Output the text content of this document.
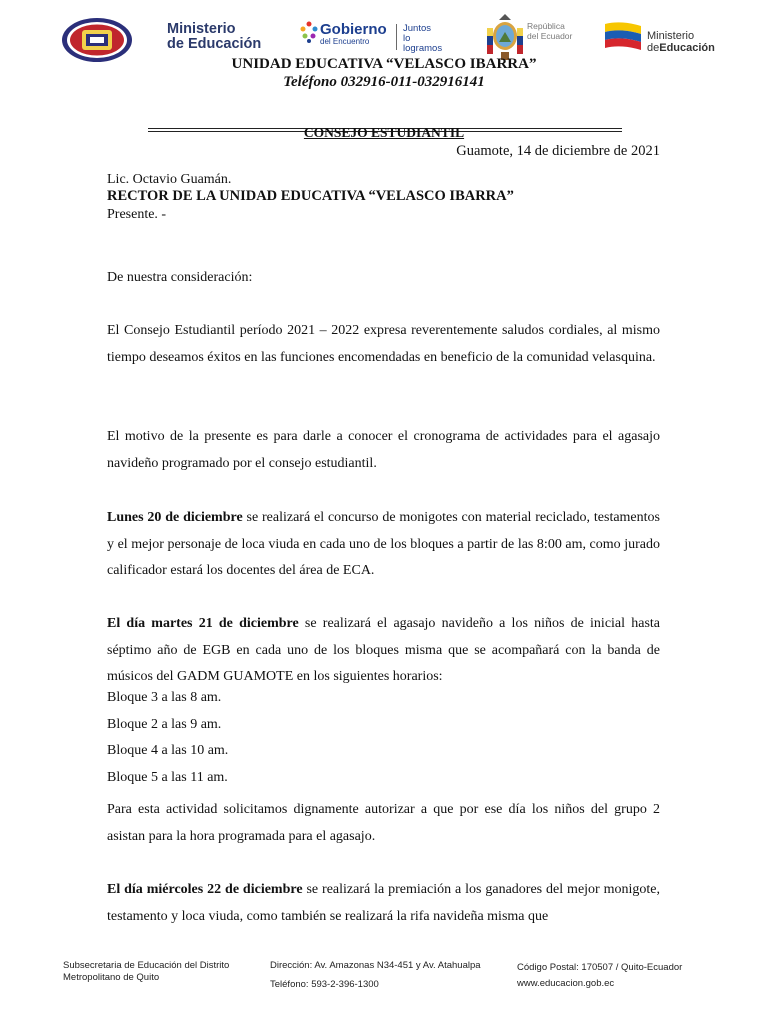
Ministerio
de Educación
Gobierno
del Encuentro
Juntos
lo logramos
República
del Ecuador	Ministerio
deEducación
UNIDAD EDUCATIVA “VELASCO IBARRA”
Teléfono 032916-011-032916141
CONSEJO ESTUDIANTIL
Guamote, 14 de diciembre de 2021
Lic. Octavio Guamán.
RECTOR DE LA UNIDAD EDUCATIVA “VELASCO IBARRA”
Presente. -
De nuestra consideración:
El Consejo Estudiantil período 2021 – 2022 expresa reverentemente saludos cordiales, al mismo tiempo deseamos éxitos en las funciones encomendadas en beneficio de la comunidad velasquina.
El motivo de la presente es para darle a conocer el cronograma de actividades para el agasajo navideño programado por el consejo estudiantil.
Lunes 20 de diciembre se realizará el concurso de monigotes con material reciclado, testamentos y el mejor personaje de loca viuda en cada uno de los bloques a partir de las 8:00 am, como jurado calificador estará los docentes del área de ECA.
El día martes 21 de diciembre se realizará el agasajo navideño a los niños de inicial hasta séptimo año de EGB en cada uno de los bloques misma que se acompañará con la banda de músicos del GADM GUAMOTE en los siguientes horarios:
Bloque 3 a las 8 am.
Bloque 2 a las 9 am.
Bloque 4 a las 10 am.
Bloque 5 a las 11 am.
Para esta actividad solicitamos dignamente autorizar a que por ese día los niños del grupo 2 asistan para la hora programada para el agasajo.
El día miércoles 22 de diciembre se realizará la premiación a los ganadores del mejor monigote, testamento y loca viuda, como también se realizará la rifa navideña misma que
Subsecretaria de Educación del Distrito
Metropolitano de Quito
Dirección: Av. Amazonas N34-451 y Av. Atahualpa
Teléfono: 593-2-396-1300
Código Postal: 170507 / Quito-Ecuador
www.educacion.gob.ec
